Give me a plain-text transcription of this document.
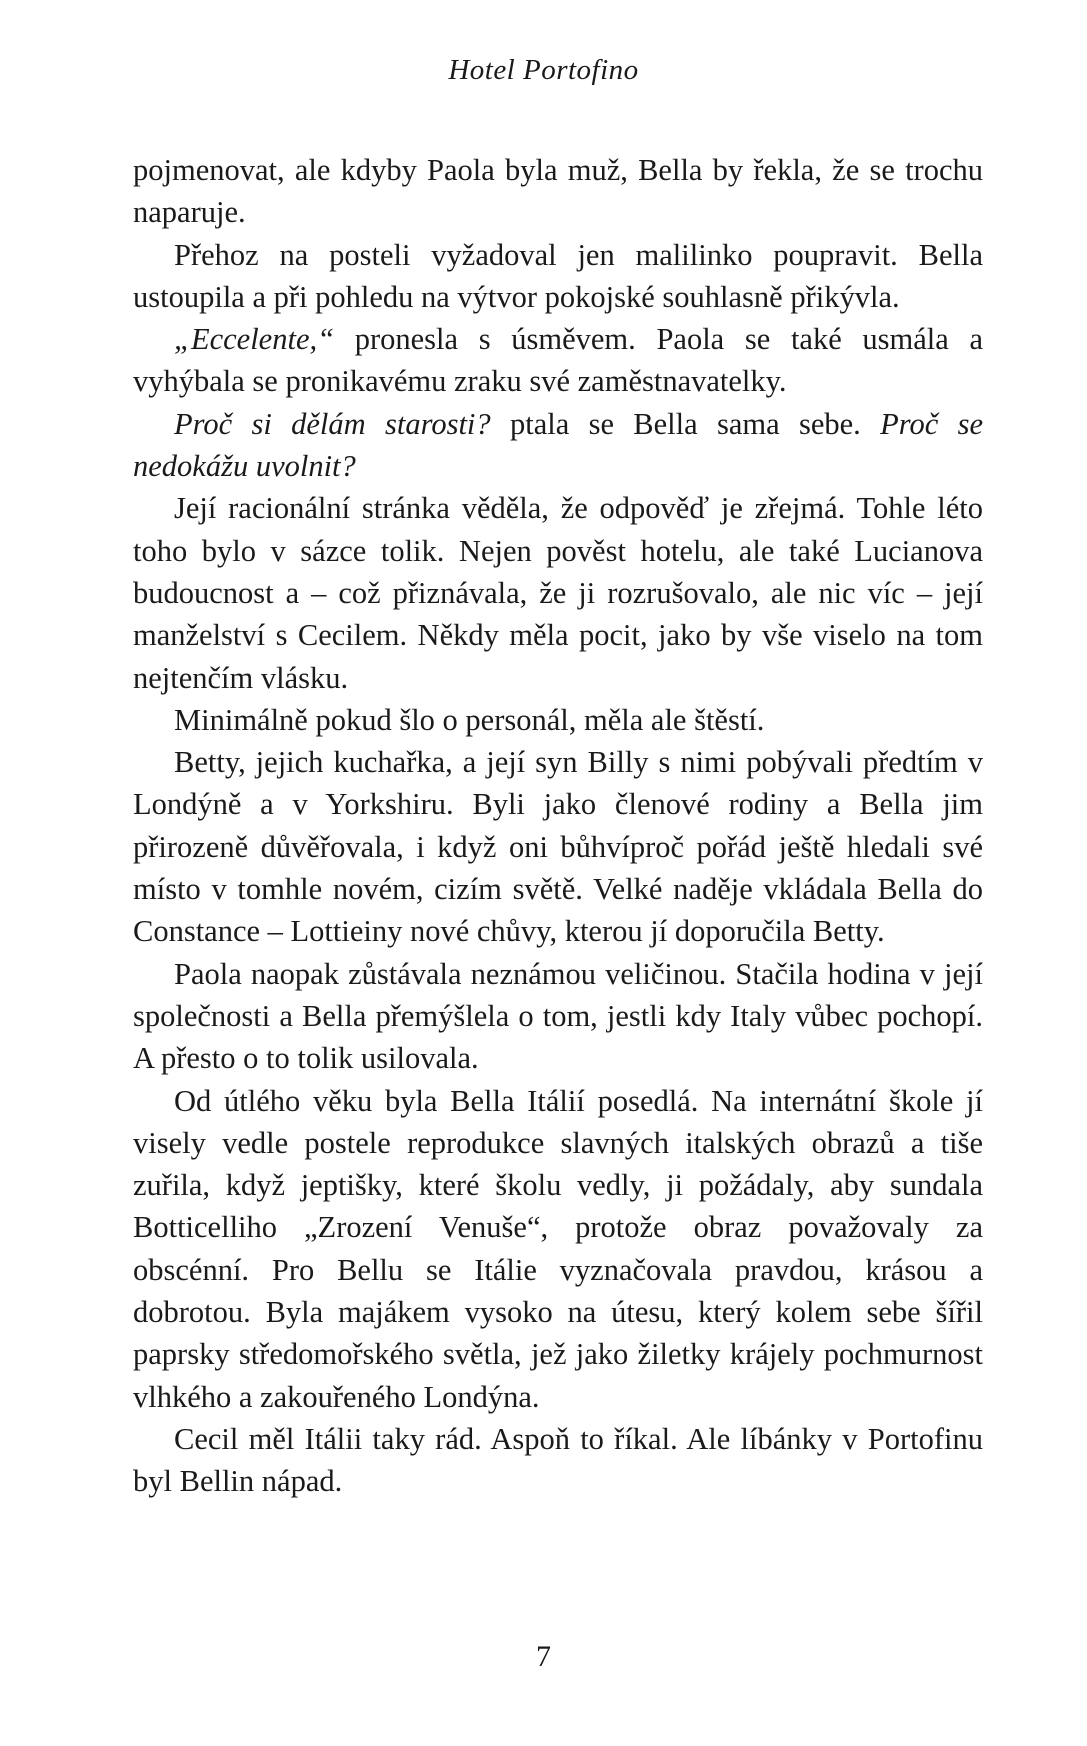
Hotel Portofino

pojmenovat, ale kdyby Paola byla muž, Bella by řekla, že se trochu naparuje.

Přehoz na posteli vyžadoval jen malilinko poupravit. Bella ustoupila a při pohledu na výtvor pokojské souhlasně přikývla.

„Eccelente,“ pronesla s úsměvem. Paola se také usmála a vyhýbala se pronikavému zraku své zaměstnavatelky.

Proč si dělám starosti? ptala se Bella sama sebe. Proč se nedokážu uvolnit?

Její racionální stránka věděla, že odpověď je zřejmá. Tohle léto toho bylo v sázce tolik. Nejen pověst hotelu, ale také Lucianova budoucnost a – což přiznávala, že ji rozrušovalo, ale nic víc – její manželství s Cecilem. Někdy měla pocit, jako by vše viselo na tom nejtenčím vlásku.

Minimálně pokud šlo o personál, měla ale štěstí.

Betty, jejich kuchařka, a její syn Billy s nimi pobývali předtím v Londýně a v Yorkshiru. Byli jako členové rodiny a Bella jim přirozeně důvěřovala, i když oni bůhvíproč pořád ještě hledali své místo v tomhle novém, cizím světě. Velké naděje vkládala Bella do Constance – Lottieiny nové chůvy, kterou jí doporučila Betty.

Paola naopak zůstávala neznámou veličinou. Stačila hodina v její společnosti a Bella přemýšlela o tom, jestli kdy Italy vůbec pochopí. A přesto o to tolik usilovala.

Od útlého věku byla Bella Itálií posedlá. Na internátní škole jí visely vedle postele reprodukce slavných italských obrazů a tiše zuřila, když jeptišky, které školu vedly, ji požádaly, aby sundala Botticelliho „Zrození Venuše“, protože obraz považovaly za obscénní. Pro Bellu se Itálie vyznačovala pravdou, krásou a dobrotou. Byla majákem vysoko na útesu, který kolem sebe šířil paprsky středomořského světla, jež jako žiletky krájely pochmurnost vlhkého a zakouřeného Londýna.

Cecil měl Itálii taky rád. Aspoň to říkal. Ale líbánky v Portofinu byl Bellin nápad.

7
